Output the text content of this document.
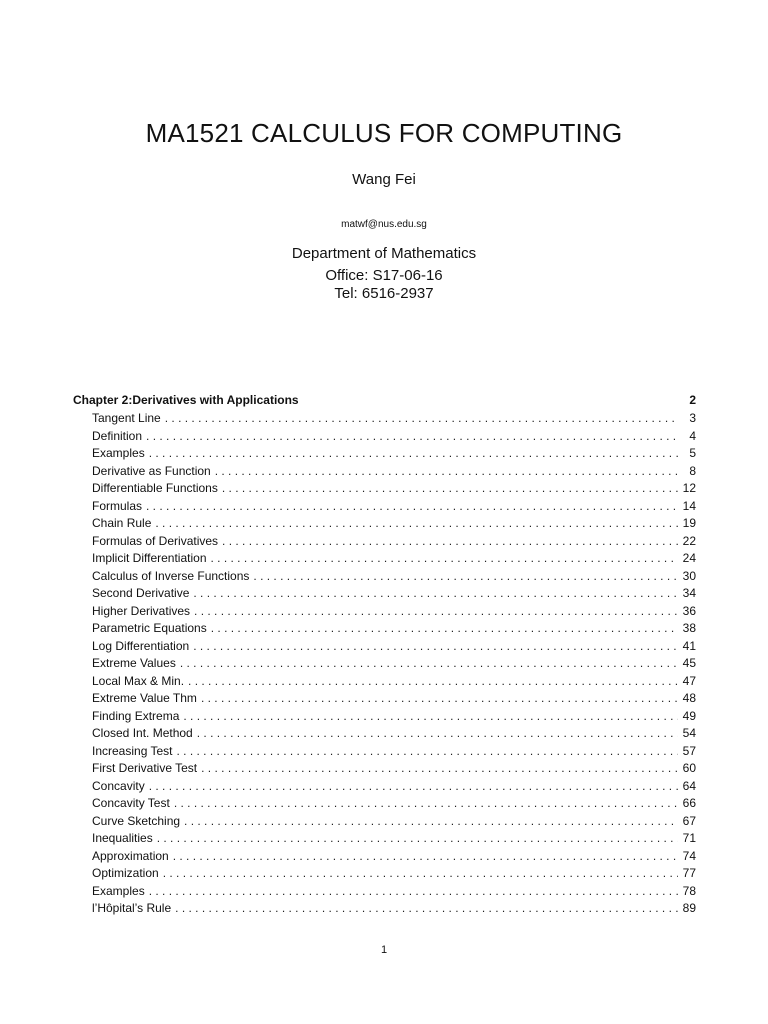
MA1521 CALCULUS FOR COMPUTING
Wang Fei
matwf@nus.edu.sg
Department of Mathematics
Office: S17-06-16
Tel: 6516-2937
Chapter 2:Derivatives with Applications	2
Tangent Line . . .	3
Definition . . .	4
Examples . . .	5
Derivative as Function . . .	8
Differentiable Functions . . .	12
Formulas . . .	14
Chain Rule . . .	19
Formulas of Derivatives . . .	22
Implicit Differentiation . . .	24
Calculus of Inverse Functions . . .	30
Second Derivative . . .	34
Higher Derivatives . . .	36
Parametric Equations . . .	38
Log Differentiation . . .	41
Extreme Values . . .	45
Local Max & Min. . . .	47
Extreme Value Thm . . .	48
Finding Extrema . . .	49
Closed Int. Method . . .	54
Increasing Test . . .	57
First Derivative Test . . .	60
Concavity . . .	64
Concavity Test . . .	66
Curve Sketching . . .	67
Inequalities . . .	71
Approximation . . .	74
Optimization . . .	77
Examples . . .	78
l’Hôpital’s Rule . . .	89
1
